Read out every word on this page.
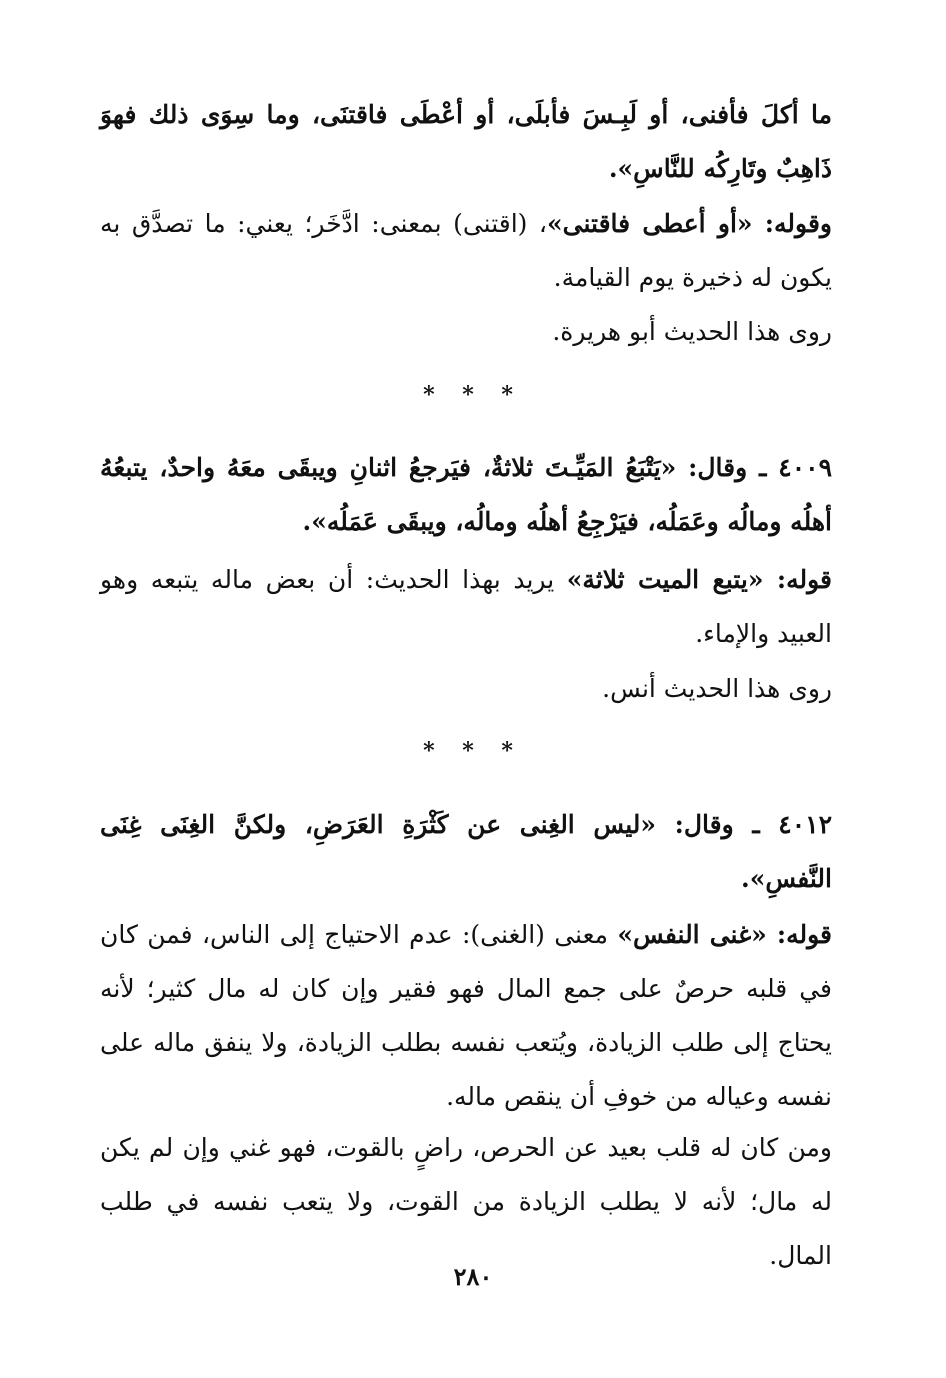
ما أكلَ فأفنى، أو لَبِـسَ فأبلَى، أو أعْطَى فاقتنَى، وما سِوَى ذلك فهوَ ذَاهِبٌ وتَارِكُه للنَّاسِ».

وقوله: «أو أعطى فاقتنى»، (اقتنى) بمعنى: ادَّخَر؛ يعني: ما تصدَّق به يكون له ذخيرة يوم القيامة.

روى هذا الحديث أبو هريرة.

* * *

٤٠٠٩ ـ وقال: «يَتْبَعُ المَيِّـتَ ثلاثةٌ، فيَرجعُ اثنانِ ويبقَى معَهُ واحدٌ، يتبعُهُ أهلُه ومالُه وعَمَلُه، فيَرْجِعُ أهلُه ومالُه، ويبقَى عَمَلُه».

قوله: «يتبع الميت ثلاثة» يريد بهذا الحديث: أن بعض ماله يتبعه وهو العبيد والإماء.

روى هذا الحديث أنس.

* * *

٤٠١٢ ـ وقال: «ليس الغِنى عن كَثْرَةِ العَرَضِ، ولكنَّ الغِنَى غِنَى النَّفسِ».

قوله: «غنى النفس» معنى (الغنى): عدم الاحتياج إلى الناس، فمن كان في قلبه حرصٌ على جمع المال فهو فقير وإن كان له مال كثير؛ لأنه يحتاج إلى طلب الزيادة، ويُتعب نفسه بطلب الزيادة، ولا ينفق ماله على نفسه وعياله من خوفِ أن ينقص ماله.

ومن كان له قلب بعيد عن الحرص، راضٍ بالقوت، فهو غني وإن لم يكن له مال؛ لأنه لا يطلب الزيادة من القوت، ولا يتعب نفسه في طلب المال.

٢٨٠
